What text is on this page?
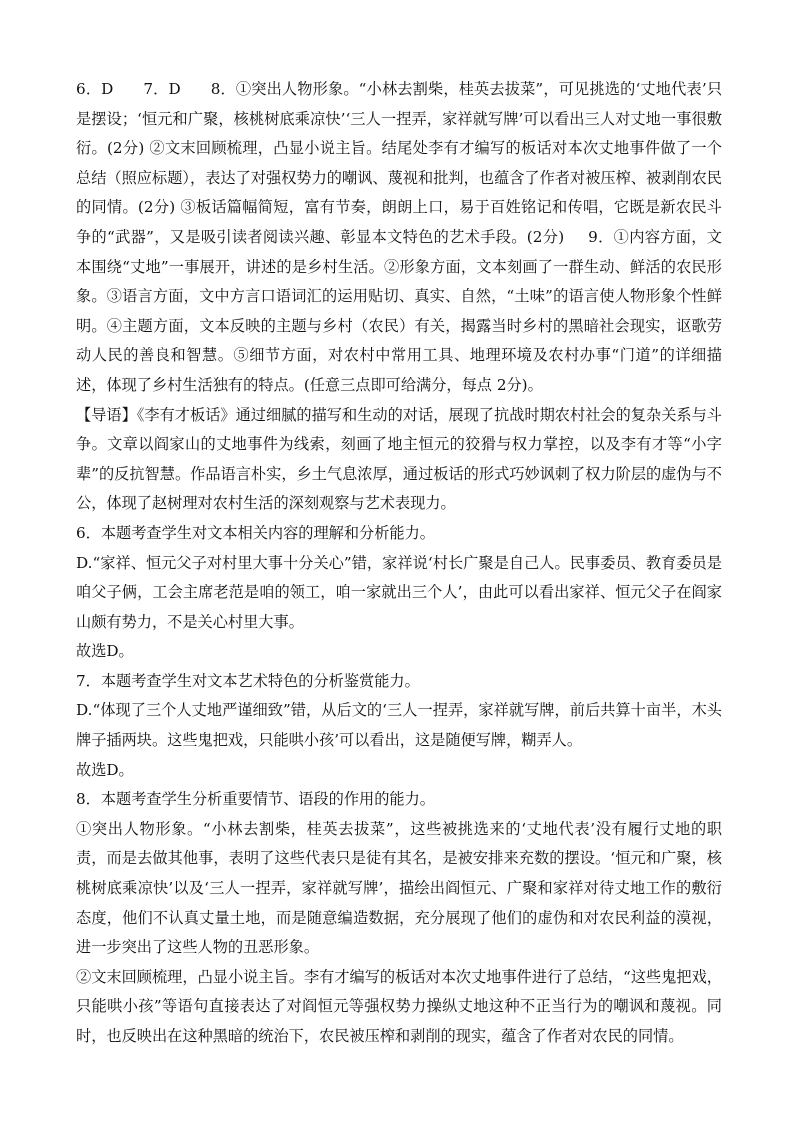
6．D 7．D 8．①突出人物形象。“小林去割柴，桂英去拔菜”，可见挑选的‘丈地代表’只是摆设；‘恒元和广聚，核桃树底乘凉快’‘三人一捏弄，家祥就写牌’可以看出三人对丈地一事很敷衍。(2分) ②文末回顾梳理，凸显小说主旨。结尾处李有才编写的板话对本次丈地事件做了一个总结（照应标题），表达了对强权势力的嘲讽、蔑视和批判，也蕴含了作者对被压榨、被剥削农民的同情。(2分) ③板话篇幅简短，富有节奏，朗朗上口，易于百姓铭记和传唱，它既是新农民斗争的“武器”，又是吸引读者阅读兴趣、彰显本文特色的艺术手段。(2分) 9．①内容方面，文本围绕“丈地”一事展开，讲述的是乡村生活。②形象方面，文本刻画了一群生动、鲜活的农民形象。③语言方面，文中方言口语词汇的运用贴切、真实、自然，“土味”的语言使人物形象个性鲜明。④主题方面，文本反映的主题与乡村（农民）有关，揭露当时乡村的黑暗社会现实，讴歌劳动人民的善良和智慧。⑤细节方面，对农村中常用工具、地理环境及农村办事“门道”的详细描述，体现了乡村生活独有的特点。(任意三点即可给满分，每点 2分)。

【导语】《李有才板话》通过细腻的描写和生动的对话，展现了抗战时期农村社会的复杂关系与斗争。文章以阎家山的丈地事件为线索，刻画了地主恒元的狡猾与权力掌控，以及李有才等“小字辈”的反抗智慧。作品语言朴实，乡土气息浓厚，通过板话的形式巧妙讽刺了权力阶层的虚伪与不公，体现了赵树理对农村生活的深刻观察与艺术表现力。

6．本题考查学生对文本相关内容的理解和分析能力。

D.“家祥、恒元父子对村里大事十分关心”错，家祥说‘村长广聚是自己人。民事委员、教育委员是咱父子俩，工会主席老范是咱的领工，咱一家就出三个人’，由此可以看出家祥、恒元父子在阎家山颇有势力，不是关心村里大事。

故选D。

7．本题考查学生对文本艺术特色的分析鉴赏能力。

D.“体现了三个人丈地严谨细致”错，从后文的‘三人一捏弄，家祥就写牌，前后共算十亩半，木头牌子插两块。这些鬼把戏，只能哄小孩’可以看出，这是随便写牌，糊弄人。

故选D。

8．本题考查学生分析重要情节、语段的作用的能力。

①突出人物形象。“小林去割柴，桂英去拔菜”，这些被挑选来的‘丈地代表’没有履行丈地的职责，而是去做其他事，表明了这些代表只是徒有其名，是被安排来充数的摆设。‘恒元和广聚，核桃树底乘凉快’以及‘三人一捏弄，家祥就写牌’，描绘出阎恒元、广聚和家祥对待丈地工作的敷衍态度，他们不认真丈量土地，而是随意编造数据，充分展现了他们的虚伪和对农民利益的漠视，进一步突出了这些人物的丑恶形象。

②文末回顾梳理，凸显小说主旨。李有才编写的板话对本次丈地事件进行了总结，“这些鬼把戏，只能哄小孩”等语句直接表达了对阎恒元等强权势力操纵丈地这种不正当行为的嘲讽和蔑视。同时，也反映出在这种黑暗的统治下，农民被压榨和剥削的现实，蕴含了作者对农民的同情。
